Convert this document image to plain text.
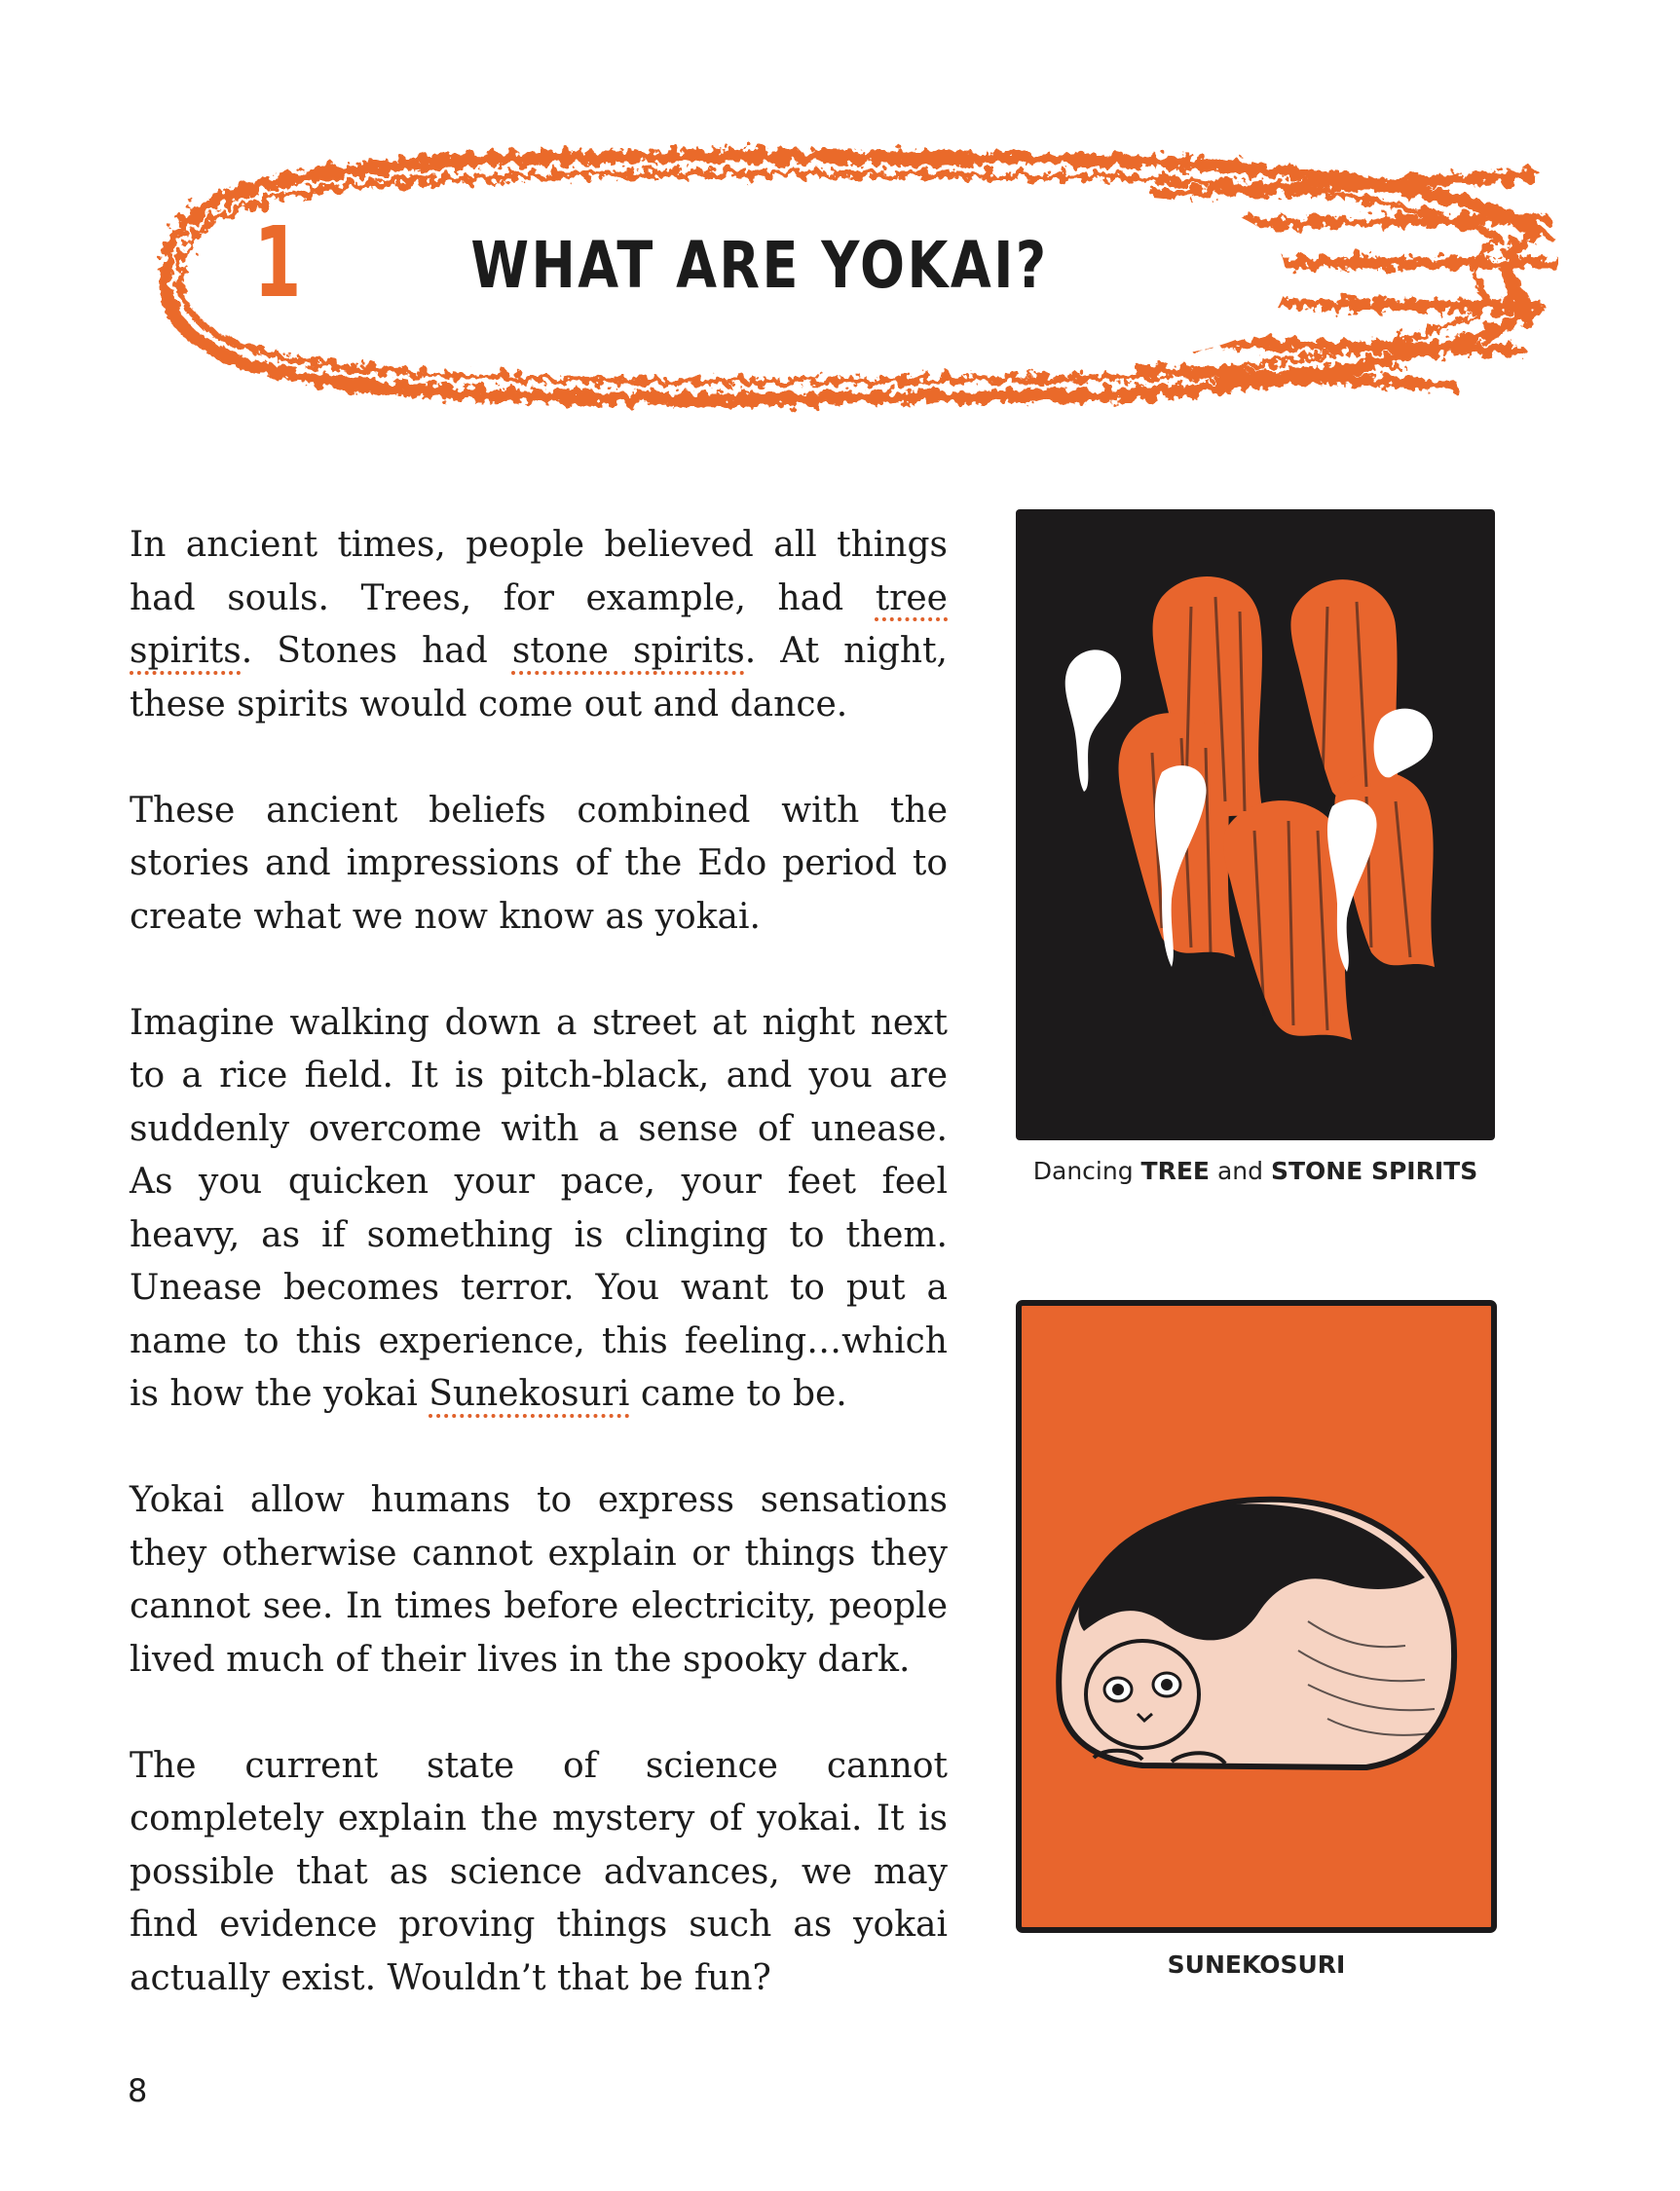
1	WHAT ARE YOKAI?

In ancient times, people believed all things had souls. Trees, for example, had tree spirits. Stones had stone spirits. At night, these spirits would come out and dance.

These ancient beliefs combined with the stories and impressions of the Edo period to create what we now know as yokai.

Imagine walking down a street at night next to a rice field. It is pitch-black, and you are suddenly overcome with a sense of unease. As you quicken your pace, your feet feel heavy, as if something is clinging to them. Unease becomes terror. You want to put a name to this experience, this feeling…which is how the yokai Sunekosuri came to be.

Yokai allow humans to express sensations they otherwise cannot explain or things they cannot see. In times before electricity, people lived much of their lives in the spooky dark.

The current state of science cannot completely explain the mystery of yokai. It is possible that as science advances, we may find evidence proving things such as yokai actually exist. Wouldn’t that be fun?

Dancing TREE and STONE SPIRITS
SUNEKOSURI
8
